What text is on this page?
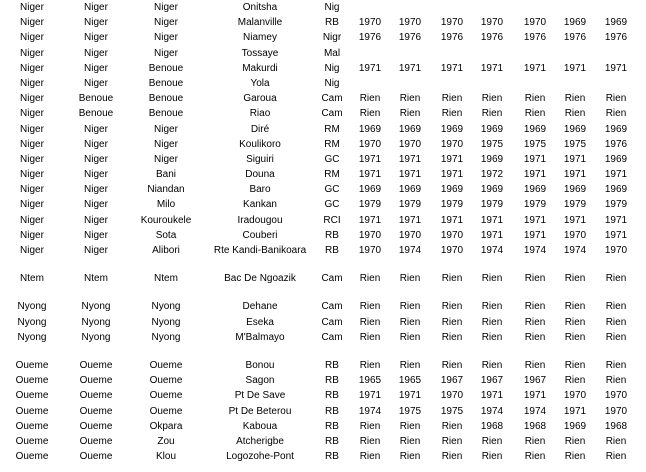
Niger	Niger	Niger	Onitsha	Nig
Niger	Niger	Niger	Malanville	RB	1970	1970	1970	1970	1970	1969	1969
Niger	Niger	Niger	Niamey	Nigr	1976	1976	1976	1976	1976	1976	1976
Niger	Niger	Niger	Tossaye	Mal
Niger	Niger	Benoue	Makurdi	Nig	1971	1971	1971	1971	1971	1971	1971
Niger	Niger	Benoue	Yola	Nig
Niger	Benoue	Benoue	Garoua	Cam	Rien	Rien	Rien	Rien	Rien	Rien	Rien
Niger	Benoue	Benoue	Riao	Cam	Rien	Rien	Rien	Rien	Rien	Rien	Rien
Niger	Niger	Niger	Diré	RM	1969	1969	1969	1969	1969	1969	1969
Niger	Niger	Niger	Koulikoro	RM	1970	1970	1970	1975	1975	1975	1976
Niger	Niger	Niger	Siguiri	GC	1971	1971	1971	1969	1971	1971	1969
Niger	Niger	Bani	Douna	RM	1971	1971	1971	1972	1971	1971	1971
Niger	Niger	Niandan	Baro	GC	1969	1969	1969	1969	1969	1969	1969
Niger	Niger	Milo	Kankan	GC	1979	1979	1979	1979	1979	1979	1979
Niger	Niger	Kouroukele	Iradougou	RCI	1971	1971	1971	1971	1971	1971	1971
Niger	Niger	Sota	Couberi	RB	1970	1970	1970	1971	1971	1970	1971
Niger	Niger	Alibori	Rte Kandi-Banikoara	RB	1970	1974	1970	1974	1974	1974	1970
Ntem	Ntem	Ntem	Bac De Ngoazik	Cam	Rien	Rien	Rien	Rien	Rien	Rien	Rien
Nyong	Nyong	Nyong	Dehane	Cam	Rien	Rien	Rien	Rien	Rien	Rien	Rien
Nyong	Nyong	Nyong	Eseka	Cam	Rien	Rien	Rien	Rien	Rien	Rien	Rien
Nyong	Nyong	Nyong	M'Balmayo	Cam	Rien	Rien	Rien	Rien	Rien	Rien	Rien
Oueme	Oueme	Oueme	Bonou	RB	Rien	Rien	Rien	Rien	Rien	Rien	Rien
Oueme	Oueme	Oueme	Sagon	RB	1965	1965	1967	1967	1967	Rien	Rien
Oueme	Oueme	Oueme	Pt De Save	RB	1971	1971	1970	1971	1971	1970	1970
Oueme	Oueme	Oueme	Pt De Beterou	RB	1974	1975	1975	1974	1974	1971	1970
Oueme	Oueme	Okpara	Kaboua	RB	Rien	Rien	Rien	1968	1968	1969	1968
Oueme	Oueme	Zou	Atcherigbe	RB	Rien	Rien	Rien	Rien	Rien	Rien	Rien
Oueme	Oueme	Klou	Logozohe-Pont	RB	Rien	Rien	Rien	Rien	Rien	Rien	Rien
